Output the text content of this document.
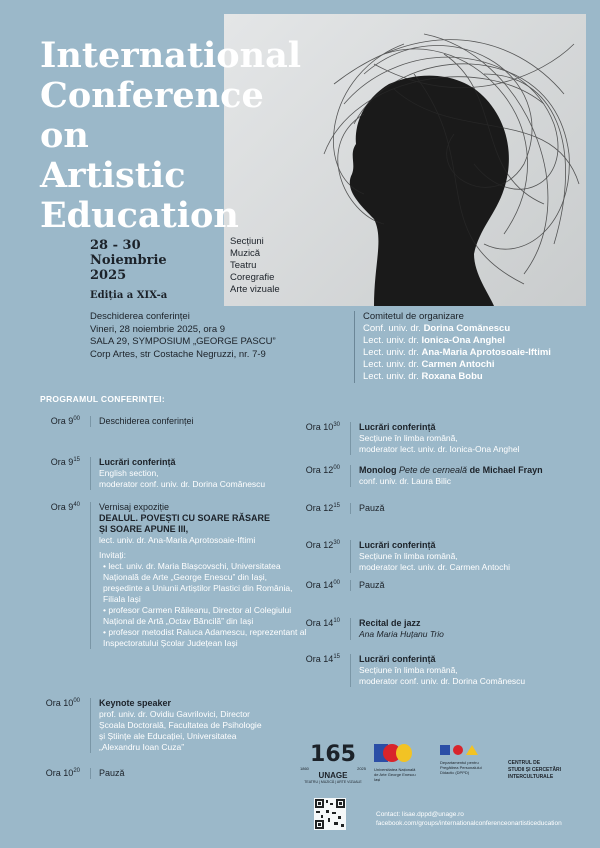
International
Conference
on
Artistic
Education
28 - 30
Noiembrie
2025
Ediția a XIX-a
Secțiuni
Muzică
Teatru
Coregrafie
Arte vizuale
Deschiderea conferinței
Vineri, 28 noiembrie 2025, ora 9
SALA 29, SYMPOSIUM „GEORGE PASCU”
Corp Artes, str Costache Negruzzi, nr. 7-9
Comitetul de organizare
Conf. univ. dr. Dorina Comănescu
Lect. univ. dr. Ionica-Ona Anghel
Lect. univ. dr. Ana-Maria Aprotosoaie-Iftimi
Lect. univ. dr. Carmen Antochi
Lect. univ. dr. Roxana Bobu
PROGRAMUL CONFERINȚEI:
Ora $9^{00}$	Deschiderea conferinței
Ora $9^{15}$	Lucrări conferință
English section,
moderator conf. univ. dr. Dorina Comănescu
Ora $9^{40}$	Vernisaj expoziție
DEALUL. POVEȘTI CU SOARE RĂSARE
ȘI SOARE APUNE III,
lect. univ. dr. Ana-Maria Aprotosoaie-Iftimi
Invitați:
• lect. univ. dr. Maria Blașcovschi, Universitatea Națională de Arte „George Enescu” din Iași, președinte a Uniunii Artiștilor Plastici din România, Filiala Iași
• profesor Carmen Răileanu, Director al Colegiului Național de Artă „Octav Băncilă” din Iași
• profesor metodist Raluca Adamescu, reprezentant al Inspectoratului Școlar Județean Iași
Ora $10^{00}$	Keynote speaker
prof. univ. dr. Ovidiu Gavrilovici, Director
Școala Doctorală, Facultatea de Psihologie
și Științe ale Educației, Universitatea
„Alexandru Ioan Cuza”
Ora $10^{20}$	Pauză
Ora $10^{30}$	Lucrări conferință
Secțiune în limba română,
moderator lect. univ. dr. Ionica-Ona Anghel
Ora $12^{00}$	Monolog Pete de cerneală de Michael Frayn
conf. univ. dr. Laura Bilic
Ora $12^{15}$	Pauză
Ora $12^{30}$	Lucrări conferință
Secțiune în limba română,
moderator lect. univ. dr. Carmen Antochi
Ora $14^{00}$	Pauză
Ora $14^{10}$	Recital de jazz
Ana Maria Huțanu Trio
Ora $14^{15}$	Lucrări conferință
Secțiune în limba română,
moderator conf. univ. dr. Dorina Comănescu
165
1860	2025
UNAGE
TEATRU | MUZICĂ | ARTE VIZUALE
Universitatea Națională
de Arte George Enescu
Iași
Departamentul pentru
Pregătirea Personalului
Didactic (DPPD)
CENTRUL DE
STUDII ȘI CERCETĂRI
INTERCULTURALE
Contact: lisae.dppd@unage.ro
facebook.com/groups/internationalconferenceonartisticeducation
